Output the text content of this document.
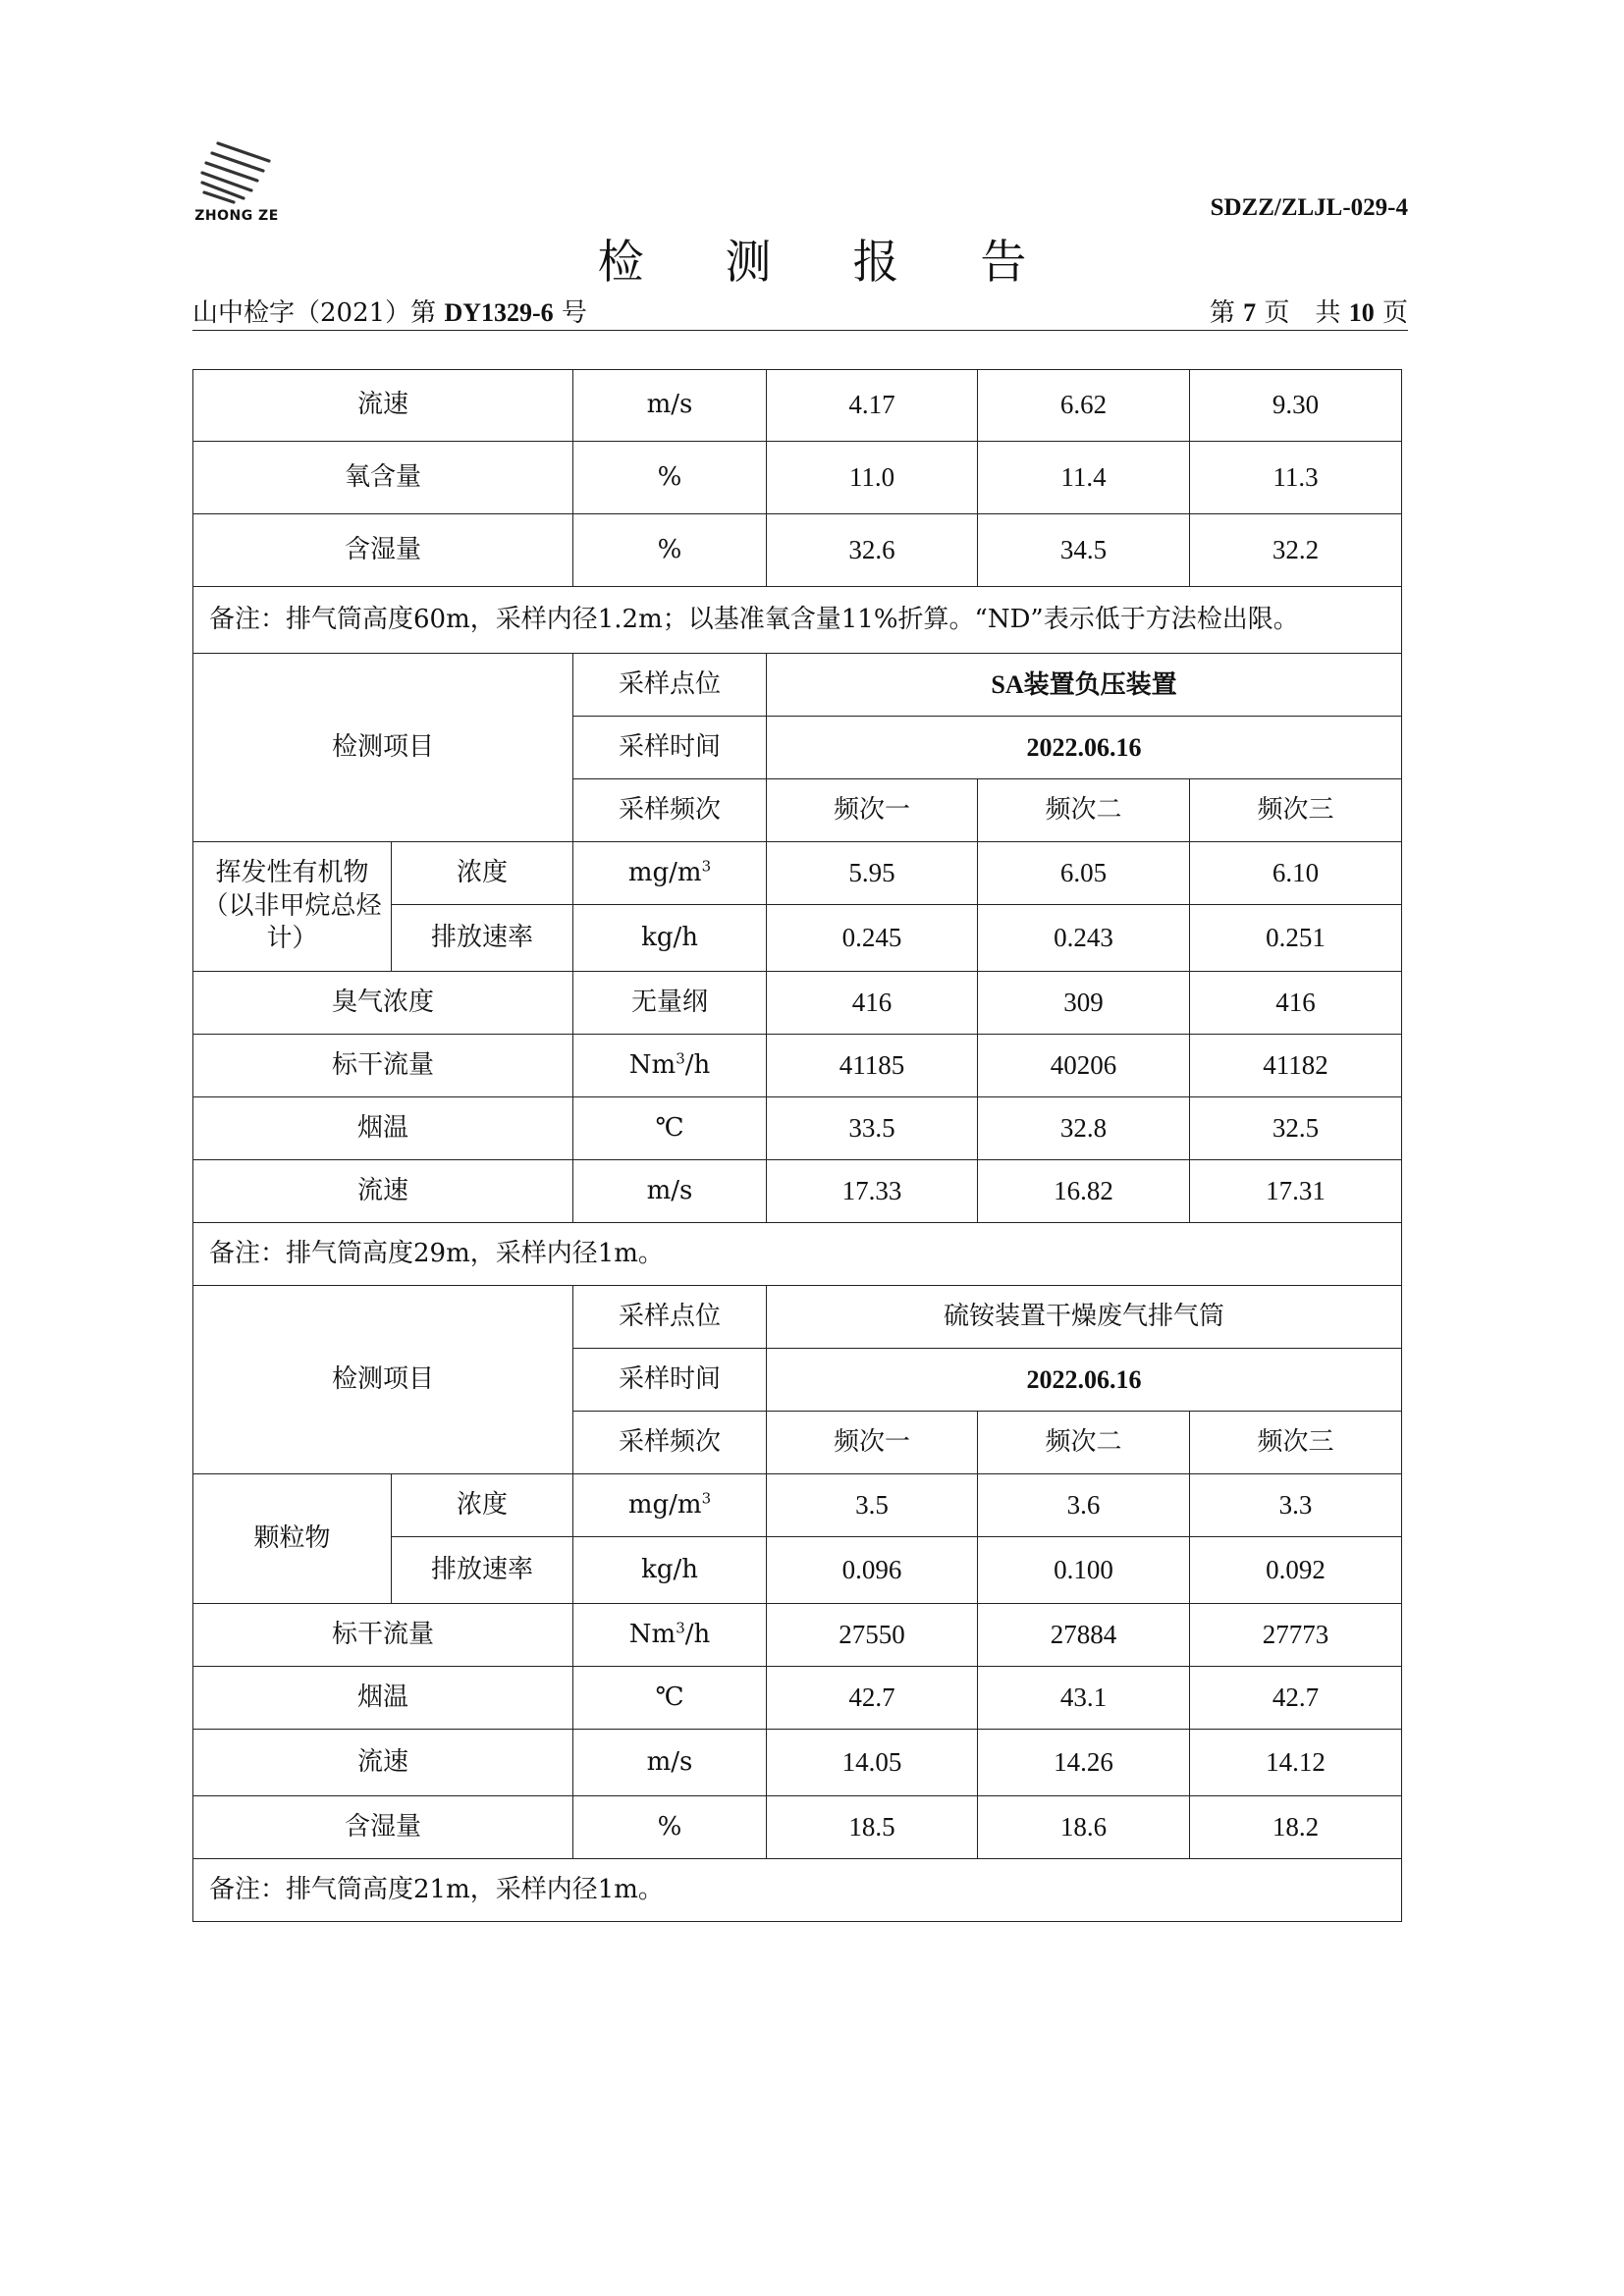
ZHONG ZE	SDZZ/ZLJL-029-4
检 测 报 告
山中检字（2021）第 DY1329-6 号	第 7 页　共 10 页
流速		m/s	4.17	6.62	9.30
氧含量		%	11.0	11.4	11.3
含湿量		%	32.6	34.5	32.2
备注：排气筒高度60m，采样内径1.2m；以基准氧含量11%折算。“ND”表示低于方法检出限。					
检测项目		采样点位	SA装置负压装置		
		采样时间	2022.06.16		
		采样频次	频次一	频次二	频次三
挥发性有机物（以非甲烷总烃计）	浓度	$mg/m^3$	5.95	6.05	6.10
	排放速率	kg/h	0.245	0.243	0.251
臭气浓度		无量纲	416	309	416
标干流量		Nm$^3$/h	41185	40206	41182
烟温		℃	33.5	32.8	32.5
流速		m/s	17.33	16.82	17.31
备注：排气筒高度29m，采样内径1m。					
检测项目		采样点位	硫铵装置干燥废气排气筒		
		采样时间	2022.06.16		
		采样频次	频次一	频次二	频次三
颗粒物	浓度	$mg/m^3$	3.5	3.6	3.3
	排放速率	kg/h	0.096	0.100	0.092
标干流量		Nm$^3$/h	27550	27884	27773
烟温		℃	42.7	43.1	42.7
流速		m/s	14.05	14.26	14.12
含湿量		%	18.5	18.6	18.2
备注：排气筒高度21m，采样内径1m。					
